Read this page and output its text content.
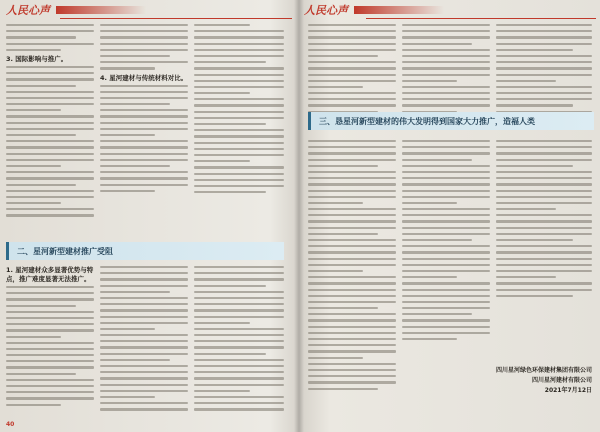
人民心声
3. 国际影响与推广。
4. 星河建材与传统材料对比。
二、星河新型建材推广受阻
1. 星河建材众多显著优势与特点，推广难度显著无法推广。
40
人民心声
三、恳星河新型建材的伟大发明得到国家大力推广，造福人类
四川星河绿色环保建材集团有限公司
四川星河建材有限公司
2021年7月12日
